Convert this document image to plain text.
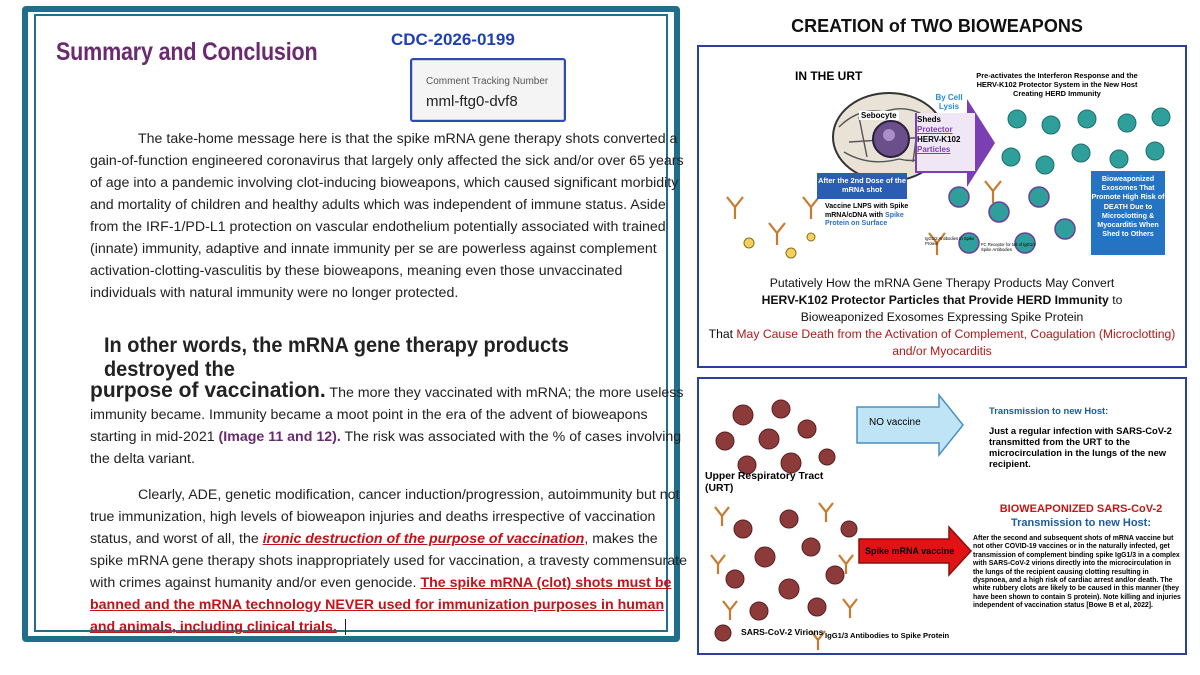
Summary and Conclusion	CDC-2026-0199
Comment Tracking Number
mml-ftg0-dvf8
The take-home message here is that the spike mRNA gene therapy shots converted a gain-of-function engineered coronavirus that largely only affected the sick and/or over 65 years of age into a pandemic involving clot-inducing bioweapons, which caused significant morbidity and mortality of children and healthy adults which was independent of immune status. Aside from the IRF-1/PD-L1 protection on vascular endothelium potentially associated with trained (innate) immunity, adaptive and innate immunity per se are powerless against complement activation-clotting-vasculitis by these bioweapons, meaning even those unvaccinated individuals with natural immunity were no longer protected.
In other words, the mRNA gene therapy products destroyed the
purpose of vaccination. The more they vaccinated with mRNA; the more useless immunity became. Immunity became a moot point in the era of the advent of bioweapons starting in mid-2021 (Image 11 and 12). The risk was associated with the % of cases involving the delta variant.
Clearly, ADE, genetic modification, cancer induction/progression, autoimmunity but not true immunization, high levels of bioweapon injuries and deaths irrespective of vaccination status, and worst of all, the ironic destruction of the purpose of vaccination, makes the spike mRNA gene therapy shots inappropriately used for vaccination, a travesty commensurate with crimes against humanity and/or even genocide. The spike mRNA (clot) shots must be banned and the mRNA technology NEVER used for immunization purposes in human and animals, including clinical trials.
CREATION of TWO BIOWEAPONS
IN THE URT	Pre-activates the Interferon Response and the HERV-K102 Protector System in the New Host Creating HERD Immunity
By Cell Lysis
Sheds
Protector
HERV-K102
Particles
Sebocyte
After the 2nd Dose of the mRNA shot
Vaccine LNPS with Spike mRNA/cDNA with Spike Protein on Surface
Bioweaponized Exosomes That Promote High Risk of DEATH Due to Microclotting & Myocarditis When Shed to Others
IgG1/3 Antibodies to Spike Protein	FC Receptor for tail of IgG1/3 Spike Antibodies
Putatively How the mRNA Gene Therapy Products May Convert
HERV-K102 Protector Particles that Provide HERD Immunity to
Bioweaponized Exosomes Expressing Spike Protein
That May Cause Death from the Activation of Complement, Coagulation (Microclotting) and/or Myocarditis
NO vaccine
Transmission to new Host:
Just a regular infection with SARS-CoV-2 transmitted from the URT to the microcirculation in the lungs of the new recipient.
Upper Respiratory Tract (URT)
BIOWEAPONIZED SARS-CoV-2
Transmission to new Host:
After the second and subsequent shots of mRNA vaccine but not other COVID-19 vaccines or in the naturally infected, get transmission of complement binding spike IgG1/3 in a complex with SARS-CoV-2 virions directly into the microcirculation in the lungs of the recipient causing clotting resulting in dyspnoea, and a high risk of cardiac arrest and/or death. The white rubbery clots are likely to be caused in this manner (they have been shown to contain S protein). Note killing and injuries independent of vaccination status [Bowe B et al, 2022].
Spike mRNA vaccine
SARS-CoV-2 Virions IgG1/3 Antibodies to Spike Protein
